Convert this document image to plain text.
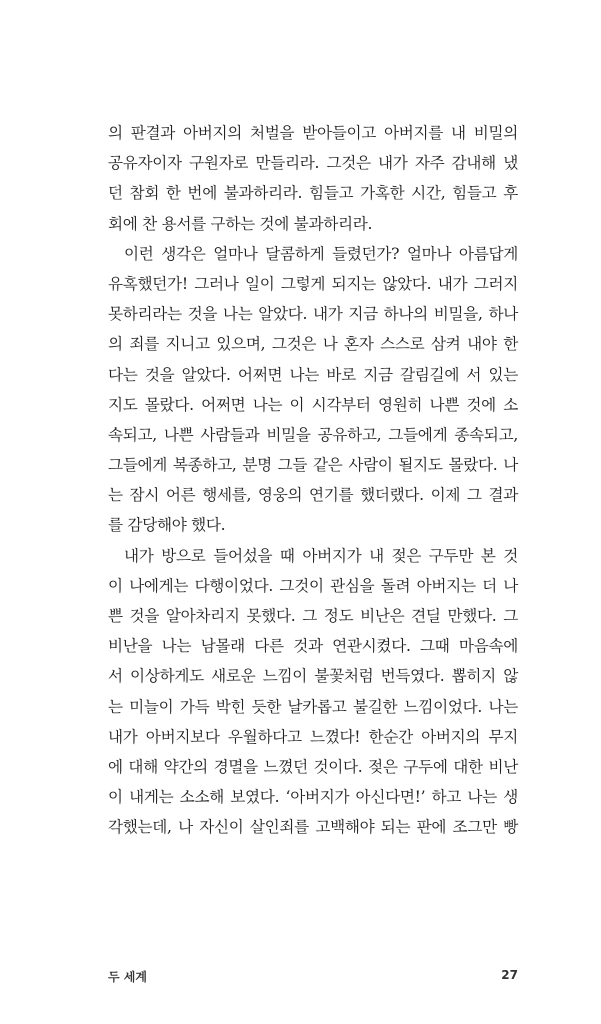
의 판결과 아버지의 처벌을 받아들이고 아버지를 내 비밀의
공유자이자 구원자로 만들리라. 그것은 내가 자주 감내해 냈
던 참회 한 번에 불과하리라. 힘들고 가혹한 시간, 힘들고 후
회에 찬 용서를 구하는 것에 불과하리라.
이런 생각은 얼마나 달콤하게 들렸던가? 얼마나 아름답게
유혹했던가! 그러나 일이 그렇게 되지는 않았다. 내가 그러지
못하리라는 것을 나는 알았다. 내가 지금 하나의 비밀을, 하나
의 죄를 지니고 있으며, 그것은 나 혼자 스스로 삼켜 내야 한
다는 것을 알았다. 어쩌면 나는 바로 지금 갈림길에 서 있는
지도 몰랐다. 어쩌면 나는 이 시각부터 영원히 나쁜 것에 소
속되고, 나쁜 사람들과 비밀을 공유하고, 그들에게 종속되고,
그들에게 복종하고, 분명 그들 같은 사람이 될지도 몰랐다. 나
는 잠시 어른 행세를, 영웅의 연기를 했더랬다. 이제 그 결과
를 감당해야 했다.
내가 방으로 들어섰을 때 아버지가 내 젖은 구두만 본 것
이 나에게는 다행이었다. 그것이 관심을 돌려 아버지는 더 나
쁜 것을 알아차리지 못했다. 그 정도 비난은 견딜 만했다. 그
비난을 나는 남몰래 다른 것과 연관시켰다. 그때 마음속에
서 이상하게도 새로운 느낌이 불꽃처럼 번득였다. 뽑히지 않
는 미늘이 가득 박힌 듯한 날카롭고 불길한 느낌이었다. 나는
내가 아버지보다 우월하다고 느꼈다! 한순간 아버지의 무지
에 대해 약간의 경멸을 느꼈던 것이다. 젖은 구두에 대한 비난
이 내게는 소소해 보였다. ‘아버지가 아신다면!’ 하고 나는 생
각했는데, 나 자신이 살인죄를 고백해야 되는 판에 조그만 빵
두 세계	27
